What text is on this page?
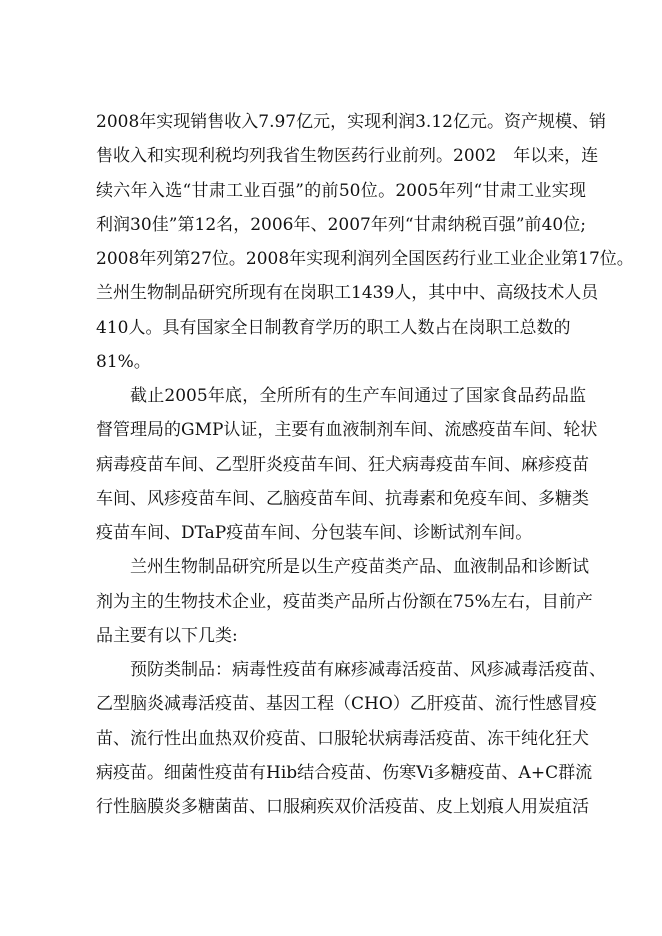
2008年实现销售收入7.97亿元，实现利润3.12亿元。资产规模、销
售收入和实现利税均列我省生物医药行业前列。2002　年以来，连
续六年入选“甘肃工业百强”的前50位。2005年列“甘肃工业实现
利润30佳”第12名，2006年、2007年列“甘肃纳税百强”前40位;
2008年列第27位。2008年实现利润列全国医药行业工业企业第17位。
兰州生物制品研究所现有在岗职工1439人，其中中、高级技术人员
410人。具有国家全日制教育学历的职工人数占在岗职工总数的
81%。
截止2005年底，全所所有的生产车间通过了国家食品药品监
督管理局的GMP认证，主要有血液制剂车间、流感疫苗车间、轮状
病毒疫苗车间、乙型肝炎疫苗车间、狂犬病毒疫苗车间、麻疹疫苗
车间、风疹疫苗车间、乙脑疫苗车间、抗毒素和免疫车间、多糖类
疫苗车间、DTaP疫苗车间、分包装车间、诊断试剂车间。
兰州生物制品研究所是以生产疫苗类产品、血液制品和诊断试
剂为主的生物技术企业，疫苗类产品所占份额在75%左右，目前产
品主要有以下几类:
预防类制品：病毒性疫苗有麻疹减毒活疫苗、风疹减毒活疫苗、
乙型脑炎减毒活疫苗、基因工程（CHO）乙肝疫苗、流行性感冒疫
苗、流行性出血热双价疫苗、口服轮状病毒活疫苗、冻干纯化狂犬
病疫苗。细菌性疫苗有Hib结合疫苗、伤寒Vi多糖疫苗、A+C群流
行性脑膜炎多糖菌苗、口服痢疾双价活疫苗、皮上划痕人用炭疽活
